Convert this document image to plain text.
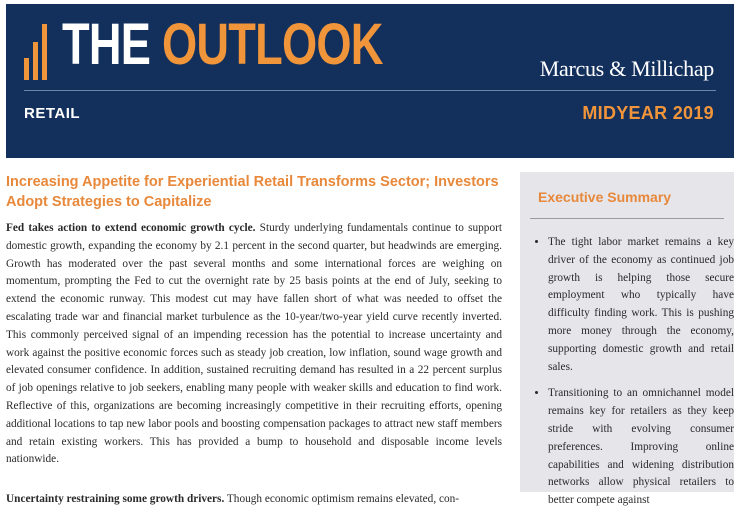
THE OUTLOOK	Marcus & Millichap
RETAIL	MIDYEAR 2019
Increasing Appetite for Experiential Retail Transforms Sector; Investors Adopt Strategies to Capitalize

Fed takes action to extend economic growth cycle. Sturdy underlying fundamentals continue to support domestic growth, expanding the economy by 2.1 percent in the second quarter, but headwinds are emerging. Growth has moderated over the past several months and some international forces are weighing on momentum, prompting the Fed to cut the overnight rate by 25 basis points at the end of July, seeking to extend the economic runway. This modest cut may have fallen short of what was needed to offset the escalating trade war and financial market turbulence as the 10-year/two-year yield curve recently inverted. This commonly perceived signal of an impending recession has the potential to increase uncertainty and work against the positive economic forces such as steady job creation, low inflation, sound wage growth and elevated consumer confidence. In addition, sustained recruiting demand has resulted in a 22 percent surplus of job openings relative to job seekers, enabling many people with weaker skills and education to find work. Reflective of this, organizations are becoming increasingly competitive in their recruiting efforts, opening additional locations to tap new labor pools and boosting compensation packages to attract new staff members and retain existing workers. This has provided a bump to household and disposable income levels nationwide.

Uncertainty restraining some growth drivers. Though economic optimism remains elevated, con-

Executive Summary
• The tight labor market remains a key driver of the economy as continued job growth is helping those secure employment who typically have difficulty finding work. This is pushing more money through the economy, supporting domestic growth and retail sales.
• Transitioning to an omnichannel model remains key for retailers as they keep stride with evolving consumer preferences. Improving online capabilities and widening distribution networks allow physical retailers to better compete against
